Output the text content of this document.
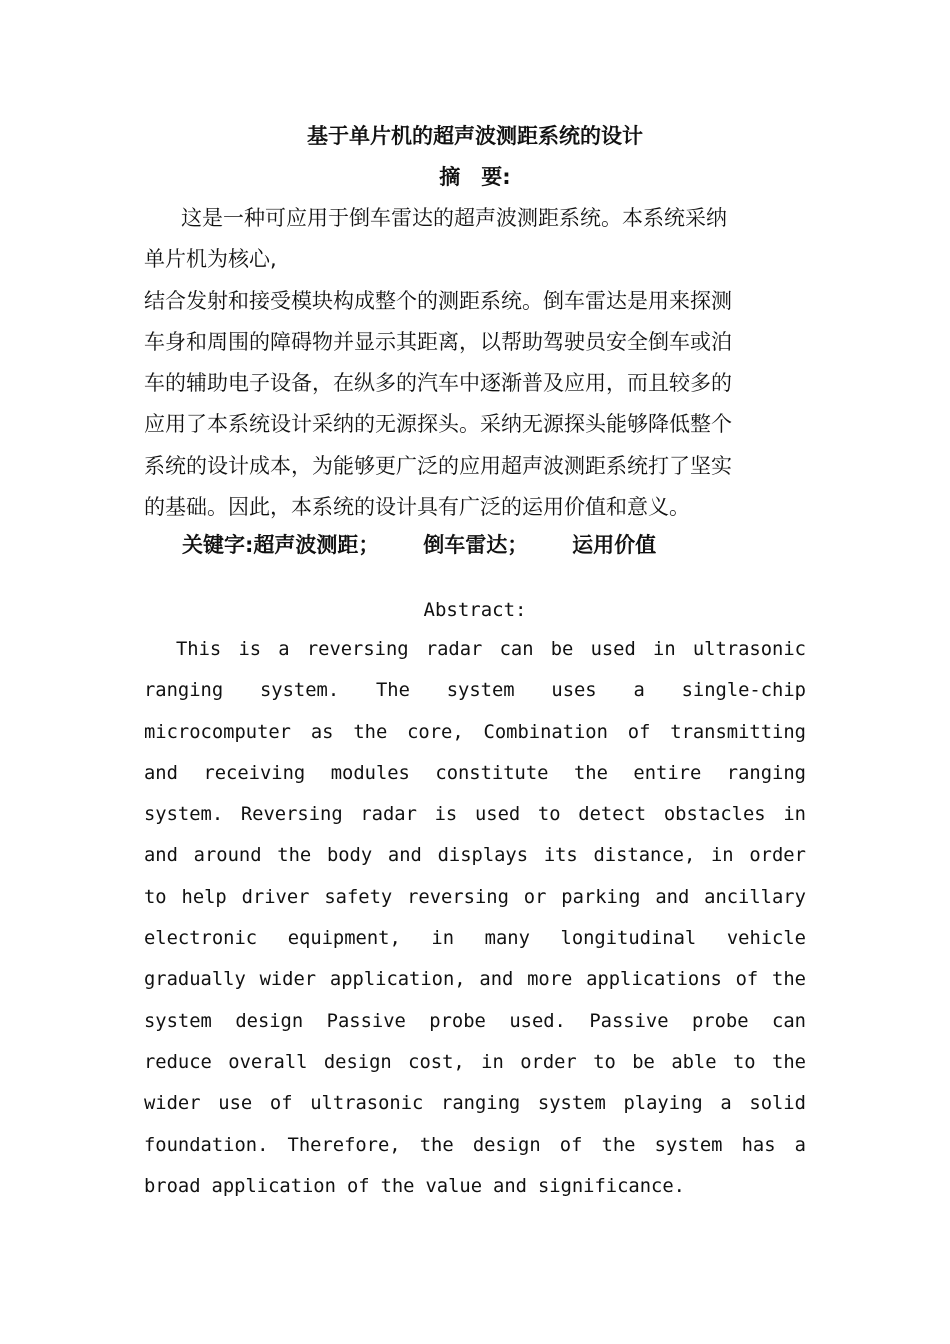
基于单片机的超声波测距系统的设计
摘　要:

这是一种可应用于倒车雷达的超声波测距系统。本系统采纳

单片机为核心,

结合发射和接受模块构成整个的测距系统。倒车雷达是用来探测

车身和周围的障碍物并显示其距离，以帮助驾驶员安全倒车或泊

车的辅助电子设备，在纵多的汽车中逐渐普及应用，而且较多的

应用了本系统设计采纳的无源探头。采纳无源探头能够降低整个

系统的设计成本，为能够更广泛的应用超声波测距系统打了坚实

的基础。因此，本系统的设计具有广泛的运用价值和意义。

关键字:超声波测距； 倒车雷达； 运用价值
Abstract:
This is a reversing radar can be used in ultrasonic
ranging system. The system uses a single-chip
microcomputer as the core, Combination of transmitting
and receiving modules constitute the entire ranging
system. Reversing radar is used to detect obstacles in
and around the body and displays its distance, in order
to help driver safety reversing or parking and ancillary
electronic equipment, in many longitudinal vehicle
gradually wider application, and more applications of the
system design Passive probe used. Passive probe can
reduce overall design cost, in order to be able to the
wider use of ultrasonic ranging system playing a solid
foundation. Therefore, the design of the system has a
broad application of the value and significance.
